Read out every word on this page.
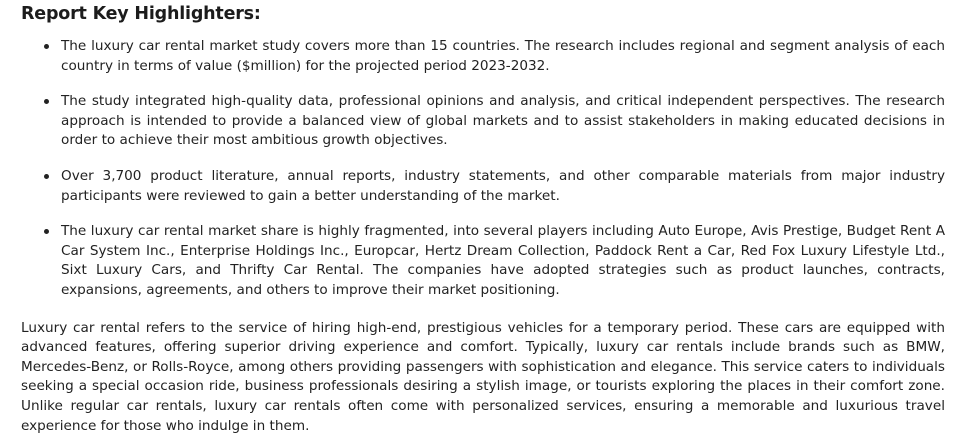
Report Key Highlighters:
The luxury car rental market study covers more than 15 countries. The research includes regional and segment analysis of each country in terms of value ($million) for the projected period 2023-2032.
The study integrated high-quality data, professional opinions and analysis, and critical independent perspectives. The research approach is intended to provide a balanced view of global markets and to assist stakeholders in making educated decisions in order to achieve their most ambitious growth objectives.
Over 3,700 product literature, annual reports, industry statements, and other comparable materials from major industry participants were reviewed to gain a better understanding of the market.
The luxury car rental market share is highly fragmented, into several players including Auto Europe, Avis Prestige, Budget Rent A Car System Inc., Enterprise Holdings Inc., Europcar, Hertz Dream Collection, Paddock Rent a Car, Red Fox Luxury Lifestyle Ltd., Sixt Luxury Cars, and Thrifty Car Rental. The companies have adopted strategies such as product launches, contracts, expansions, agreements, and others to improve their market positioning.

Luxury car rental refers to the service of hiring high-end, prestigious vehicles for a temporary period. These cars are equipped with advanced features, offering superior driving experience and comfort. Typically, luxury car rentals include brands such as BMW, Mercedes-Benz, or Rolls-Royce, among others providing passengers with sophistication and elegance. This service caters to individuals seeking a special occasion ride, business professionals desiring a stylish image, or tourists exploring the places in their comfort zone. Unlike regular car rentals, luxury car rentals often come with personalized services, ensuring a memorable and luxurious travel experience for those who indulge in them.
